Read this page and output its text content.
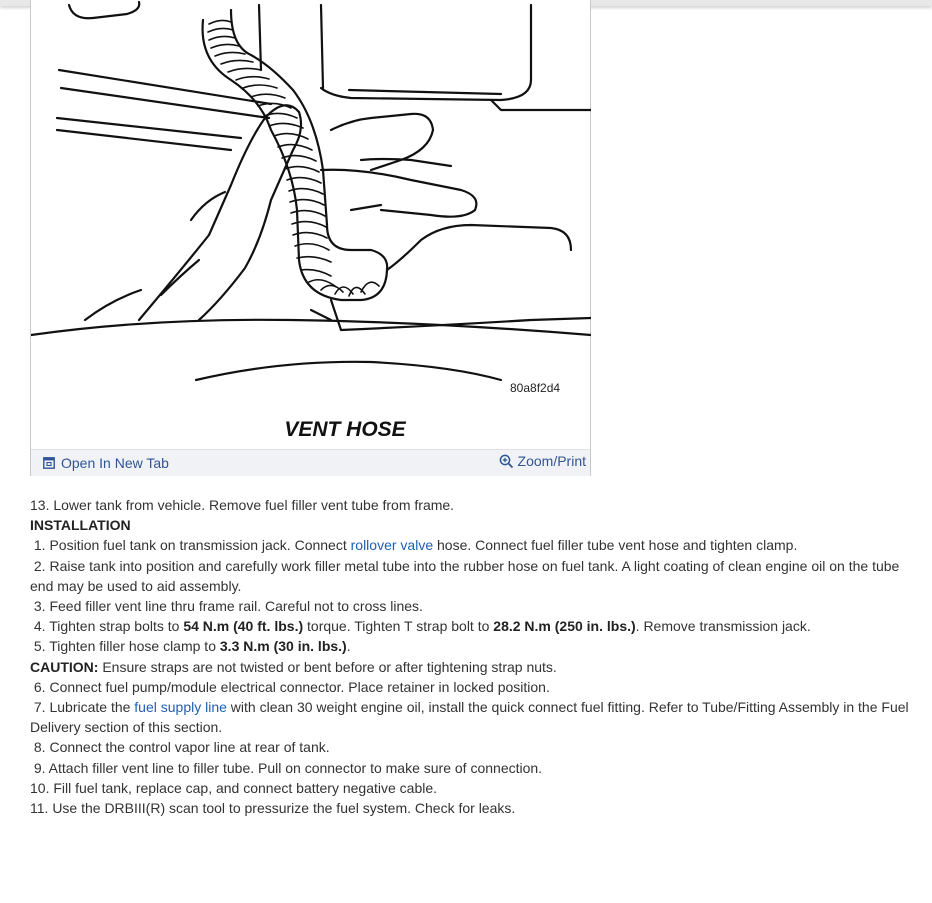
80a8f2d4
VENT HOSE
Open In New Tab	Zoom/Print

13. Lower tank from vehicle. Remove fuel filler vent tube from frame.

INSTALLATION

1. Position fuel tank on transmission jack. Connect rollover valve hose. Connect fuel filler tube vent hose and tighten clamp.

2. Raise tank into position and carefully work filler metal tube into the rubber hose on fuel tank. A light coating of clean engine oil on the tube end may be used to aid assembly.

3. Feed filler vent line thru frame rail. Careful not to cross lines.

4. Tighten strap bolts to 54 N.m (40 ft. lbs.) torque. Tighten T strap bolt to 28.2 N.m (250 in. lbs.). Remove transmission jack.

5. Tighten filler hose clamp to 3.3 N.m (30 in. lbs.).

CAUTION: Ensure straps are not twisted or bent before or after tightening strap nuts.

6. Connect fuel pump/module electrical connector. Place retainer in locked position.

7. Lubricate the fuel supply line with clean 30 weight engine oil, install the quick connect fuel fitting. Refer to Tube/Fitting Assembly in the Fuel Delivery section of this section.

8. Connect the control vapor line at rear of tank.

9. Attach filler vent line to filler tube. Pull on connector to make sure of connection.

10. Fill fuel tank, replace cap, and connect battery negative cable.

11. Use the DRBIII(R) scan tool to pressurize the fuel system. Check for leaks.
